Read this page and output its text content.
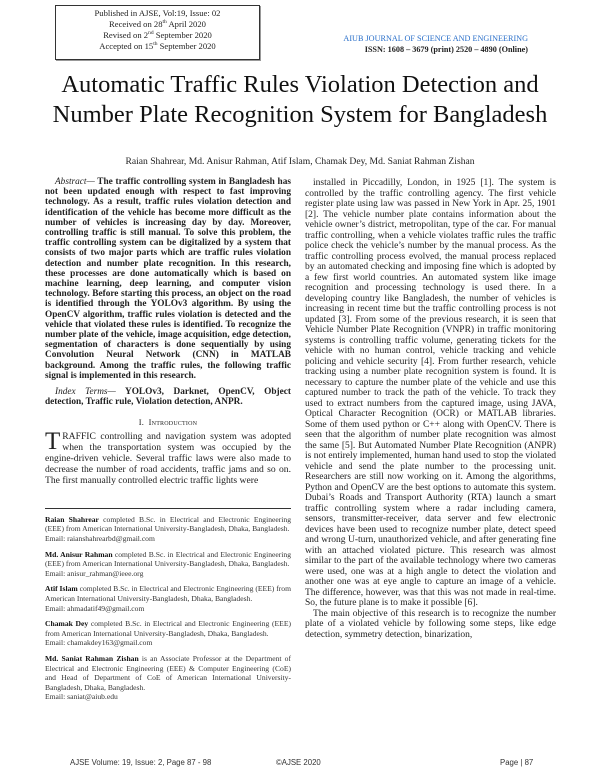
Published in AJSE, Vol:19, Issue: 02
Received on 28th April 2020
Revised on 2nd September 2020
Accepted on 15th September 2020
AIUB JOURNAL OF SCIENCE AND ENGINEERING
ISSN: 1608 – 3679 (print) 2520 – 4890 (Online)
Automatic Traffic Rules Violation Detection and Number Plate Recognition System for Bangladesh
Raian Shahrear, Md. Anisur Rahman, Atif Islam, Chamak Dey, Md. Saniat Rahman Zishan
Abstract— The traffic controlling system in Bangladesh has not been updated enough with respect to fast improving technology. As a result, traffic rules violation detection and identification of the vehicle has become more difficult as the number of vehicles is increasing day by day. Moreover, controlling traffic is still manual. To solve this problem, the traffic controlling system can be digitalized by a system that consists of two major parts which are traffic rules violation detection and number plate recognition. In this research, these processes are done automatically which is based on machine learning, deep learning, and computer vision technology. Before starting this process, an object on the road is identified through the YOLOv3 algorithm. By using the OpenCV algorithm, traffic rules violation is detected and the vehicle that violated these rules is identified. To recognize the number plate of the vehicle, image acquisition, edge detection, segmentation of characters is done sequentially by using Convolution Neural Network (CNN) in MATLAB background. Among the traffic rules, the following traffic signal is implemented in this research.
Index Terms— YOLOv3, Darknet, OpenCV, Object detection, Traffic rule, Violation detection, ANPR.
I. Introduction
TRAFFIC controlling and navigation system was adopted when the transportation system was occupied by the engine-driven vehicle. Several traffic laws were also made to decrease the number of road accidents, traffic jams and so on. The first manually controlled electric traffic lights were
Raian Shahrear completed B.Sc. in Electrical and Electronic Engineering (EEE) from American International University-Bangladesh, Dhaka, Bangladesh.
Email: raianshahrearbd@gmail.com
Md. Anisur Rahman completed B.Sc. in Electrical and Electronic Engineering (EEE) from American International University-Bangladesh, Dhaka, Bangladesh.
Email: anisur_rahman@ieee.org
Atif Islam completed B.Sc. in Electrical and Electronic Engineering (EEE) from American International University-Bangladesh, Dhaka, Bangladesh.
Email: ahmadatif49@gmail.com
Chamak Dey completed B.Sc. in Electrical and Electronic Engineering (EEE) from American International University-Bangladesh, Dhaka, Bangladesh.
Email: chamakdey163@gmail.com
Md. Saniat Rahman Zishan is an Associate Professor at the Department of Electrical and Electronic Engineering (EEE) & Computer Engineering (CoE) and Head of Department of CoE of American International University-Bangladesh, Dhaka, Bangladesh.
Email: saniat@aiub.edu

installed in Piccadilly, London, in 1925 [1]. The system is controlled by the traffic controlling agency. The first vehicle register plate using law was passed in New York in Apr. 25, 1901 [2]. The vehicle number plate contains information about the vehicle owner’s district, metropolitan, type of the car. For manual traffic controlling, when a vehicle violates traffic rules the traffic police check the vehicle’s number by the manual process. As the traffic controlling process evolved, the manual process replaced by an automated checking and imposing fine which is adopted by a few first world countries. An automated system like image recognition and processing technology is used there. In a developing country like Bangladesh, the number of vehicles is increasing in recent time but the traffic controlling process is not updated [3]. From some of the previous research, it is seen that Vehicle Number Plate Recognition (VNPR) in traffic monitoring systems is controlling traffic volume, generating tickets for the vehicle with no human control, vehicle tracking and vehicle policing and vehicle security [4]. From further research, vehicle tracking using a number plate recognition system is found. It is necessary to capture the number plate of the vehicle and use this captured number to track the path of the vehicle. To track they used to extract numbers from the captured image, using JAVA, Optical Character Recognition (OCR) or MATLAB libraries. Some of them used python or C++ along with OpenCV. There is seen that the algorithm of number plate recognition was almost the same [5]. But Automated Number Plate Recognition (ANPR) is not entirely implemented, human hand used to stop the violated vehicle and send the plate number to the processing unit. Researchers are still now working on it. Among the algorithms, Python and OpenCV are the best options to automate this system. Dubai’s Roads and Transport Authority (RTA) launch a smart traffic controlling system where a radar including camera, sensors, transmitter-receiver, data server and few electronic devices have been used to recognize number plate, detect speed and wrong U-turn, unauthorized vehicle, and after generating fine with an attached violated picture. This research was almost similar to the part of the available technology where two cameras were used, one was at a high angle to detect the violation and another one was at eye angle to capture an image of a vehicle. The difference, however, was that this was not made in real-time. So, the future plane is to make it possible [6].

The main objective of this research is to recognize the number plate of a violated vehicle by following some steps, like edge detection, symmetry detection, binarization,

AJSE Volume: 19, Issue: 2, Page 87 - 98	©AJSE 2020	Page | 87
